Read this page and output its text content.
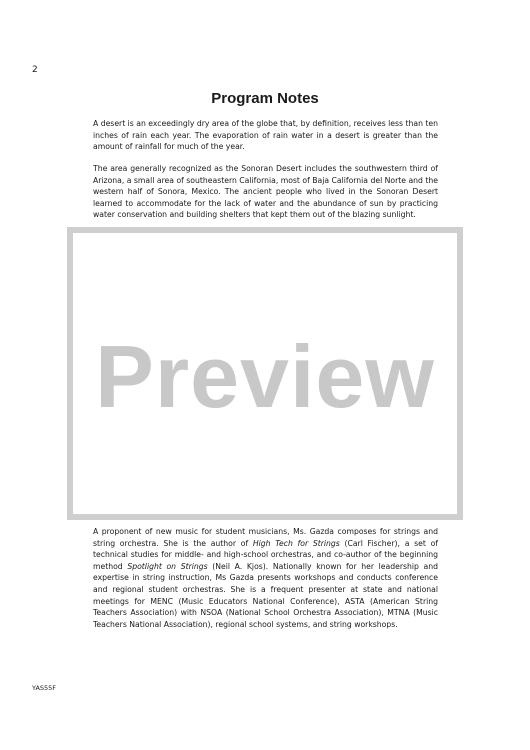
2
Program Notes

A desert is an exceedingly dry area of the globe that, by definition, receives less than ten inches of rain each year. The evaporation of rain water in a desert is greater than the amount of rainfall for much of the year.

The area generally recognized as the Sonoran Desert includes the southwestern third of Arizona, a small area of southeastern California, most of Baja California del Norte and the western half of Sonora, Mexico. The ancient people who lived in the Sonoran Desert learned to accommodate for the lack of water and the abundance of sun by practicing water conservation and building shelters that kept them out of the blazing sunlight.

Preview

A proponent of new music for student musicians, Ms. Gazda composes for strings and string orchestra. She is the author of High Tech for Strings (Carl Fischer), a set of technical studies for middle- and high-school orchestras, and co-author of the beginning method Spotlight on Strings (Neil A. Kjos). Nationally known for her leadership and expertise in string instruction, Ms Gazda presents workshops and conducts conference and regional student orchestras. She is a frequent presenter at state and national meetings for MENC (Music Educators National Conference), ASTA (American String Teachers Association) with NSOA (National School Orchestra Association), MTNA (Music Teachers National Association), regional school systems, and string workshops.

YAS55F
